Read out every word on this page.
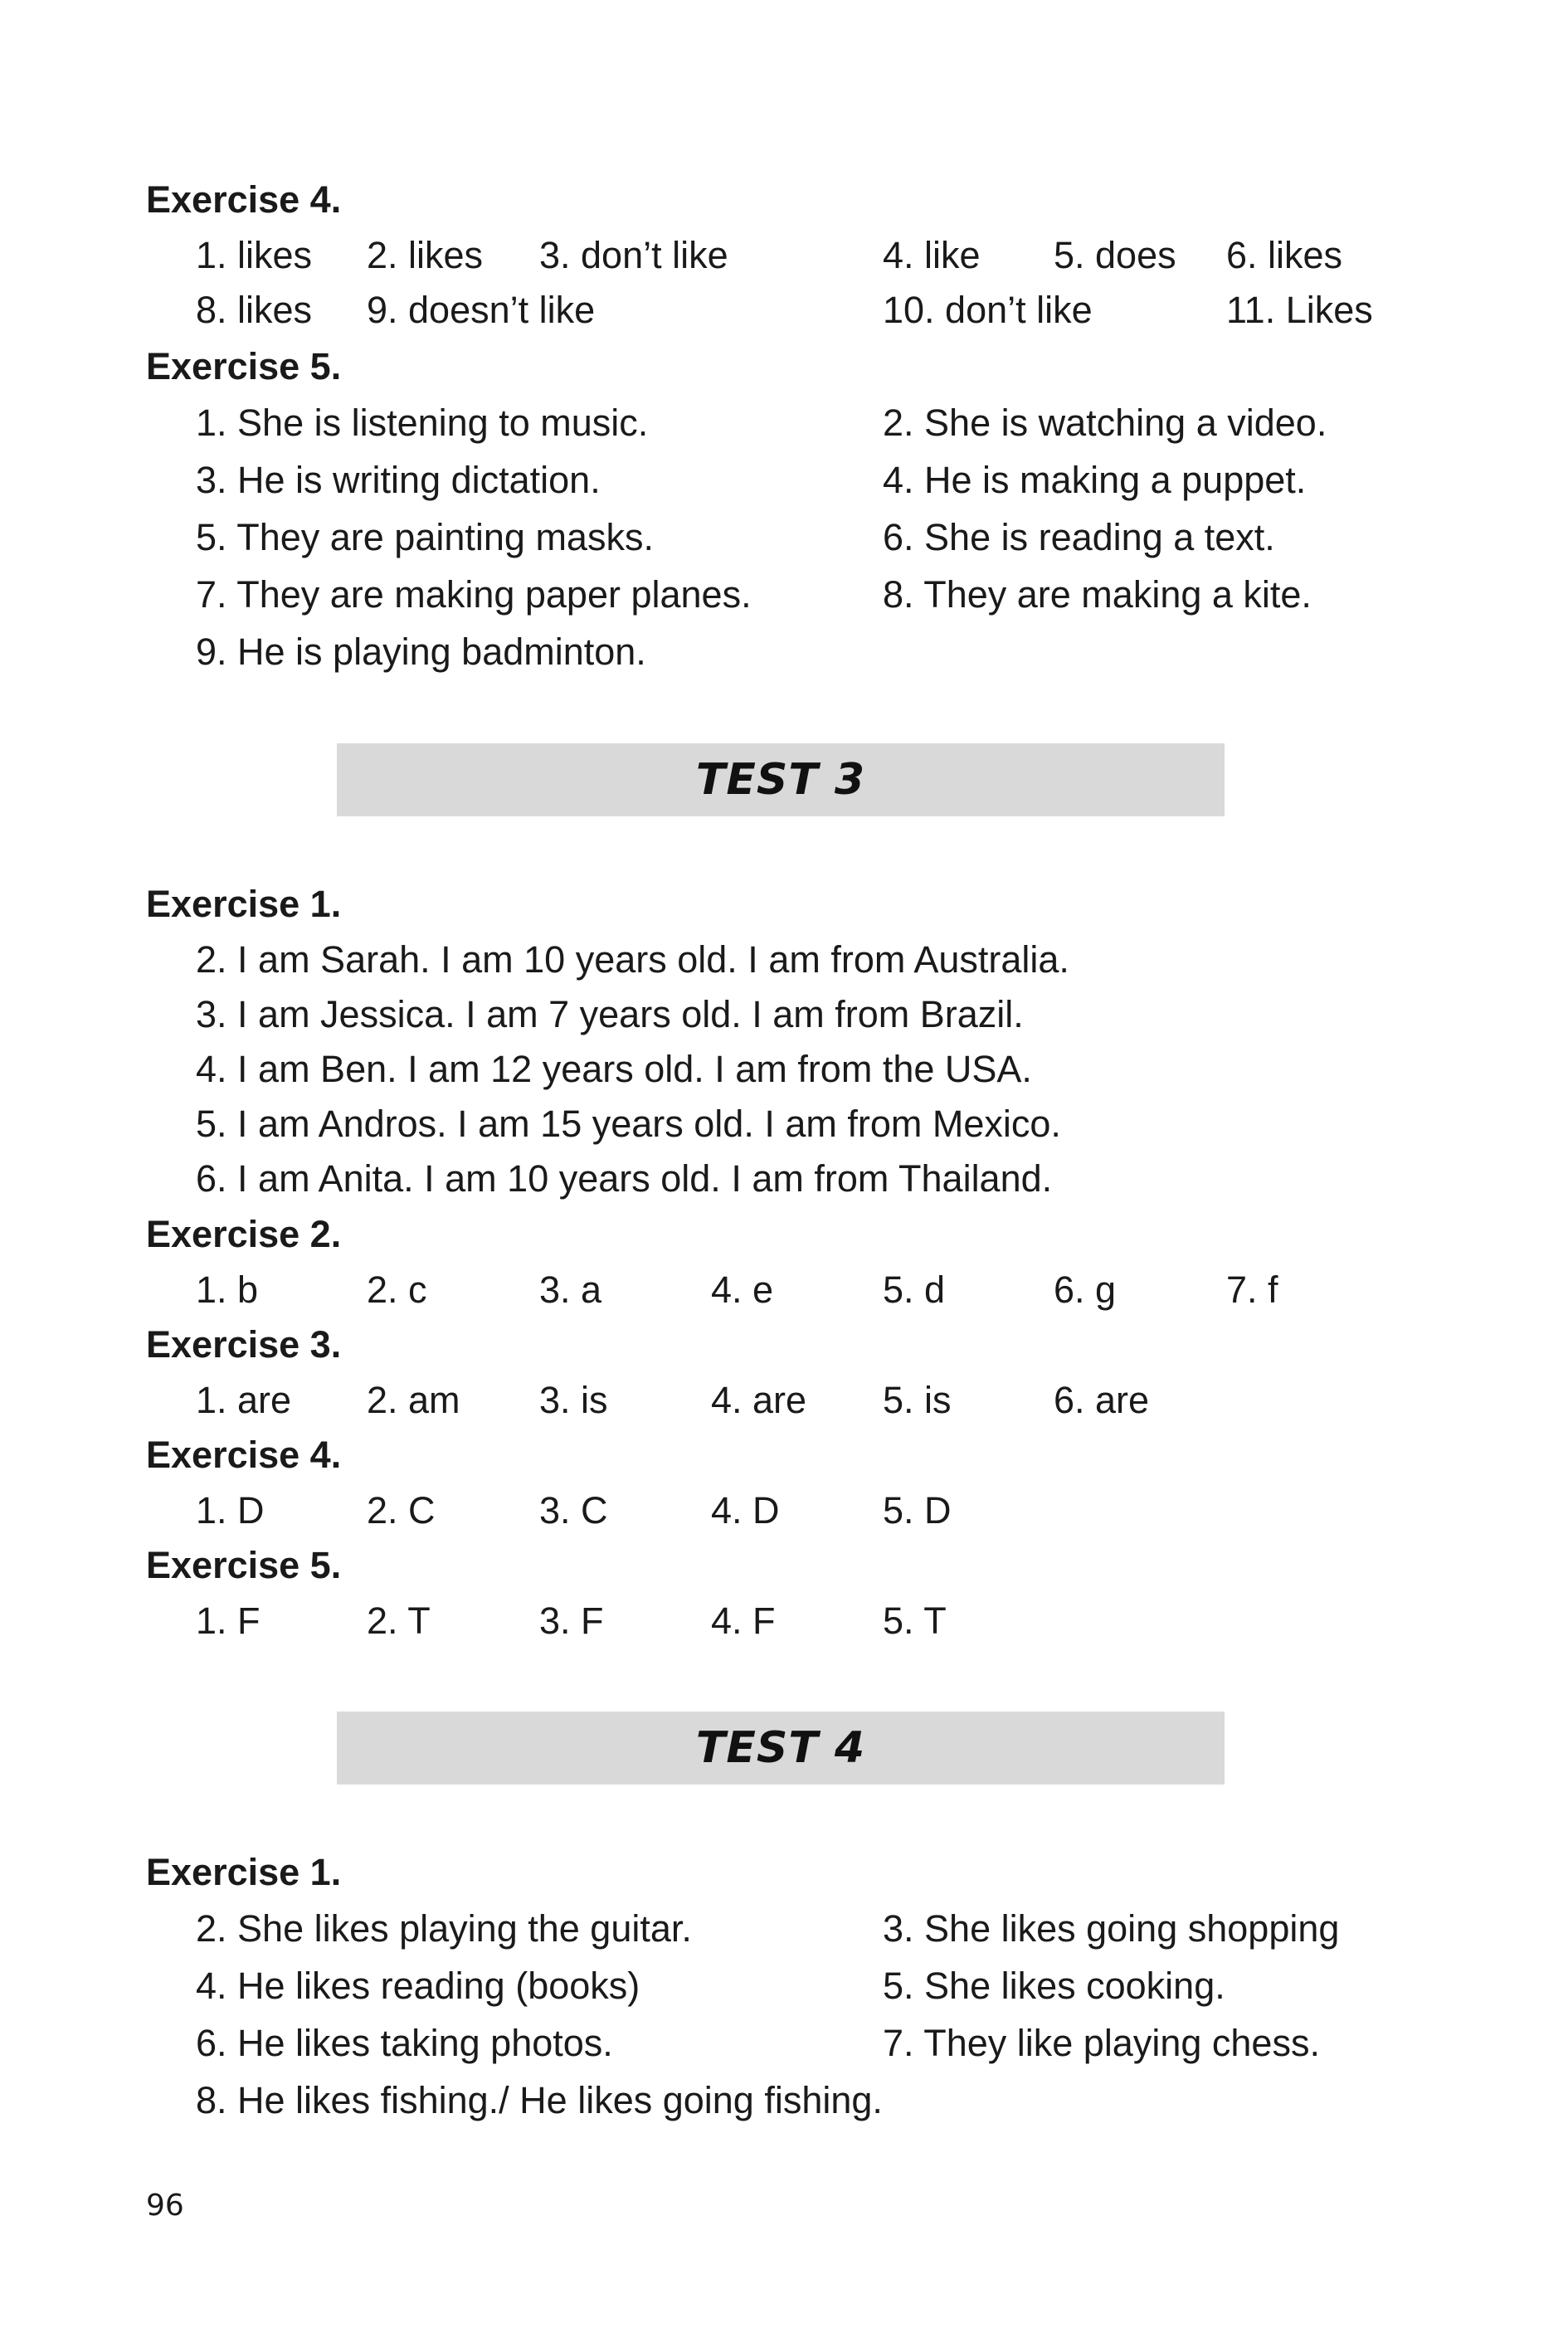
Exercise 4.
1. likes 2. likes 3. don’t like	4. like 5. does 6. likes
8. likes 9. doesn’t like	10. don’t like	11. Likes
Exercise 5.
1. She is listening to music.	2. She is watching a video.
3. He is writing dictation.	4. He is making a puppet.
5. They are painting masks.	6. She is reading a text.
7. They are making paper planes.	8. They are making a kite.
9. He is playing badminton.
TEST 3
Exercise 1.
2. I am Sarah. I am 10 years old. I am from Australia.
3. I am Jessica. I am 7 years old. I am from Brazil.
4. I am Ben. I am 12 years old. I am from the USA.
5. I am Andros. I am 15 years old. I am from Mexico.
6. I am Anita. I am 10 years old. I am from Thailand.
Exercise 2.
1. b	2. c	3. a	4. e	5. d	6. g	7. f
Exercise 3.
1. are 2. am 3. is	4. are 5. is	6. are
Exercise 4.
1. D	2. C	3. C	4. D	5. D
Exercise 5.
1. F	2. T	3. F	4. F	5. T
TEST 4
Exercise 1.
2. She likes playing the guitar.	3. She likes going shopping
4. He likes reading (books)	5. She likes cooking.
6. He likes taking photos.	7. They like playing chess.
8. He likes fishing./ He likes going fishing.
96
